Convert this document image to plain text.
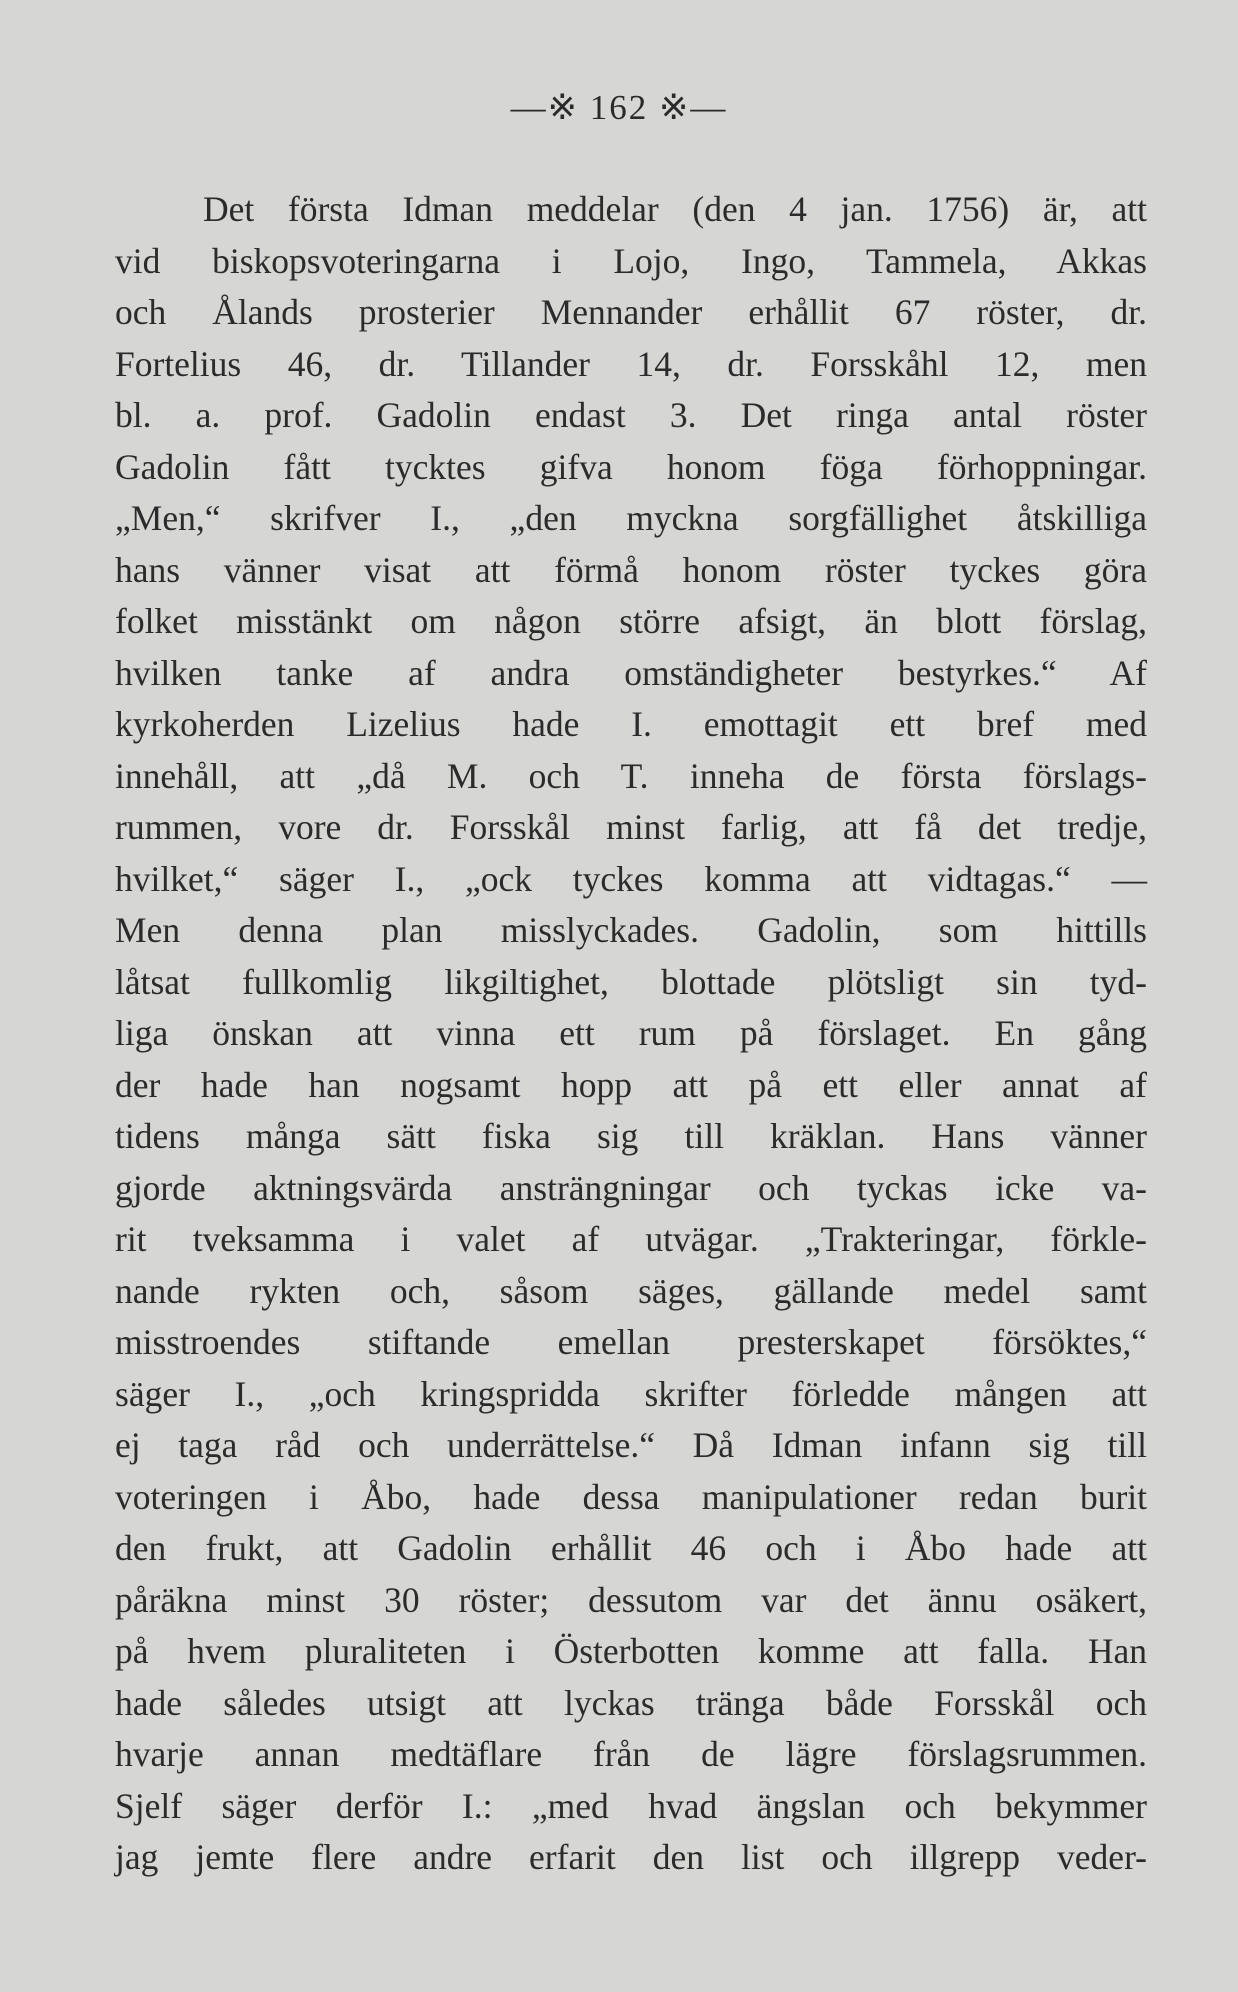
—※ 162 ※—
Det första Idman meddelar (den 4 jan. 1756) är, att
vid biskopsvoteringarna i Lojo, Ingo, Tammela, Akkas
och Ålands prosterier Mennander erhållit 67 röster, dr.
Fortelius 46, dr. Tillander 14, dr. Forsskåhl 12, men
bl. a. prof. Gadolin endast 3. Det ringa antal röster
Gadolin fått tycktes gifva honom föga förhoppningar.
„Men,“ skrifver I., „den myckna sorgfällighet åtskilliga
hans vänner visat att förmå honom röster tyckes göra
folket misstänkt om någon större afsigt, än blott förslag,
hvilken tanke af andra omständigheter bestyrkes.“ Af
kyrkoherden Lizelius hade I. emottagit ett bref med
innehåll, att „då M. och T. inneha de första förslags-
rummen, vore dr. Forsskål minst farlig, att få det tredje,
hvilket,“ säger I., „ock tyckes komma att vidtagas.“ —
Men denna plan misslyckades. Gadolin, som hittills
låtsat fullkomlig likgiltighet, blottade plötsligt sin tyd-
liga önskan att vinna ett rum på förslaget. En gång
der hade han nogsamt hopp att på ett eller annat af
tidens många sätt fiska sig till kräklan. Hans vänner
gjorde aktningsvärda ansträngningar och tyckas icke va-
rit tveksamma i valet af utvägar. „Trakteringar, förkle-
nande rykten och, såsom säges, gällande medel samt
misstroendes stiftande emellan presterskapet försöktes,“
säger I., „och kringspridda skrifter förledde mången att
ej taga råd och underrättelse.“ Då Idman infann sig till
voteringen i Åbo, hade dessa manipulationer redan burit
den frukt, att Gadolin erhållit 46 och i Åbo hade att
påräkna minst 30 röster; dessutom var det ännu osäkert,
på hvem pluraliteten i Österbotten komme att falla. Han
hade således utsigt att lyckas tränga både Forsskål och
hvarje annan medtäflare från de lägre förslagsrummen.
Sjelf säger derför I.: „med hvad ängslan och bekymmer
jag jemte flere andre erfarit den list och illgrepp veder-
